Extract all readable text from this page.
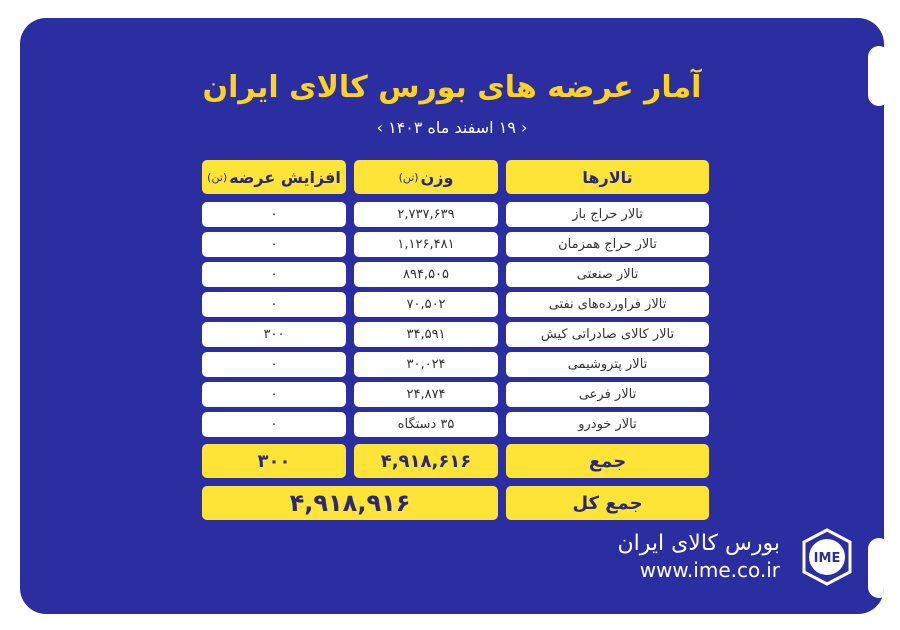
آمار عرضه های بورس کالای ایران
‹ ۱۹ اسفند ماه ۱۴۰۳ ›
تالارها
وزن
(تن)
افزایش عرضه
(تن)
تالار حراج باز
۲,۷۳۷,۶۳۹
۰
تالار حراج همزمان
۱,۱۲۶,۴۸۱
۰
تالار صنعتی
۸۹۴,۵۰۵
۰
تالار فراورده‌های نفتی
۷۰,۵۰۲
۰
تالار کالای صادراتی کیش
۳۴,۵۹۱
۳۰۰
تالار پتروشیمی
۳۰,۰۲۴
۰
تالار فرعی
۲۴,۸۷۴
۰
تالار خودرو
۳۵ دستگاه
۰
جمع
۴,۹۱۸,۶۱۶
۳۰۰
جمع کل
۴,۹۱۸,۹۱۶
بورس کالای ایران
www.ime.co.ir	IME
